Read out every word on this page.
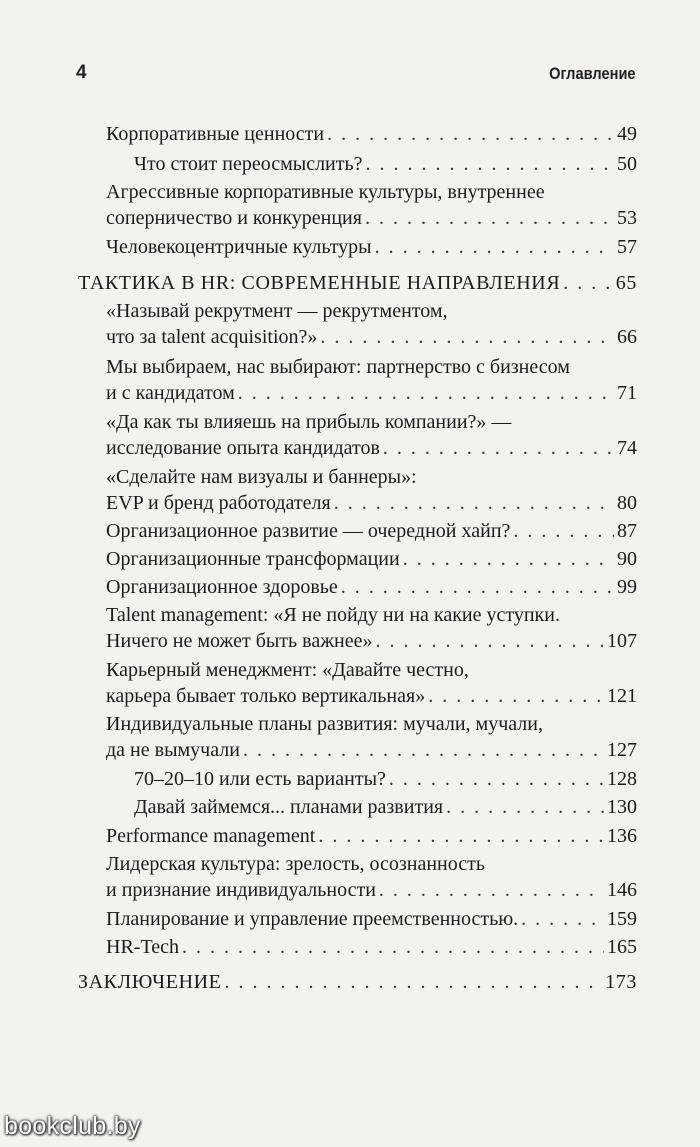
4	Оглавление
Корпоративные ценности . . .	49
Что стоит переосмыслить? . . .	50
Агрессивные корпоративные культуры, внутреннее
соперничество и конкуренция . . .	53
Человекоцентричные культуры . . .	57
ТАКТИКА В HR: СОВРЕМЕННЫЕ НАПРАВЛЕНИЯ . . .	65
«Называй рекрутмент — рекрутментом,
что за talent acquisition?» . . .	66
Мы выбираем, нас выбирают: партнерство с бизнесом
и с кандидатом . . .	71
«Да как ты влияешь на прибыль компании?» —
исследование опыта кандидатов . . .	74
«Сделайте нам визуалы и баннеры»:
EVP и бренд работодателя . . .	80
Организационное развитие — очередной хайп? . . .	87
Организационные трансформации . . .	90
Организационное здоровье . . .	99
Talent management: «Я не пойду ни на какие уступки.
Ничего не может быть важнее» . . .	107
Карьерный менеджмент: «Давайте честно,
карьера бывает только вертикальная» . . .	121
Индивидуальные планы развития: мучали, мучали,
да не вымучали . . .	127
70–20–10 или есть варианты? . . .	128
Давай займемся... планами развития . . .	130
Performance management . . .	136
Лидерская культура: зрелость, осознанность
и признание индивидуальности . . .	146
Планирование и управление преемственностью. . . .	159
HR-Tech . . .	165
ЗАКЛЮЧЕНИЕ . . .	173
bookclub.by
